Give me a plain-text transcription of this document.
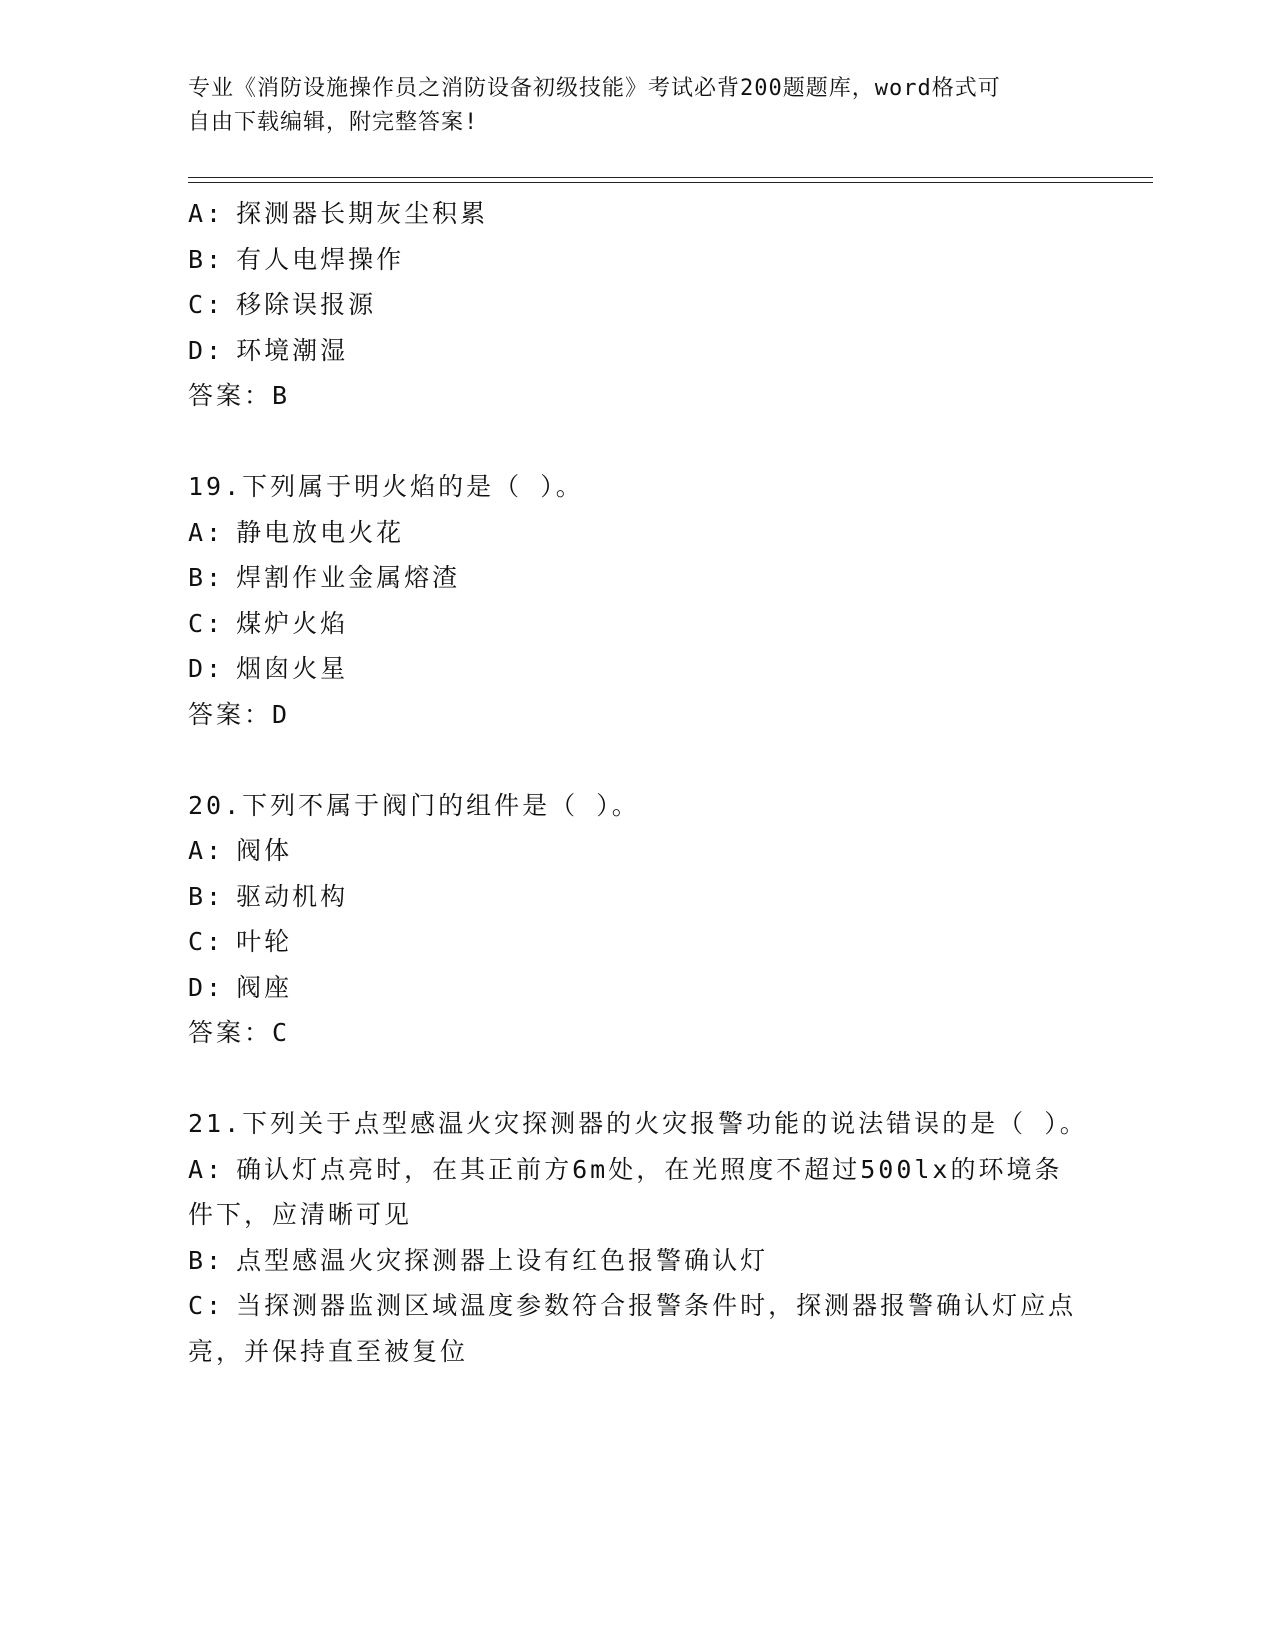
专业《消防设施操作员之消防设备初级技能》考试必背200题题库，word格式可
自由下载编辑，附完整答案!
A: 探测器长期灰尘积累
B: 有人电焊操作
C: 移除误报源
D: 环境潮湿
答案：B
19.下列属于明火焰的是（ ）。
A: 静电放电火花
B: 焊割作业金属熔渣
C: 煤炉火焰
D: 烟囱火星
答案：D
20.下列不属于阀门的组件是（ ）。
A: 阀体
B: 驱动机构
C: 叶轮
D: 阀座
答案：C
21.下列关于点型感温火灾探测器的火灾报警功能的说法错误的是（ ）。
A: 确认灯点亮时，在其正前方6m处，在光照度不超过500lx的环境条件下，应清晰可见
B: 点型感温火灾探测器上设有红色报警确认灯
C: 当探测器监测区域温度参数符合报警条件时，探测器报警确认灯应点亮，并保持直至被复位
